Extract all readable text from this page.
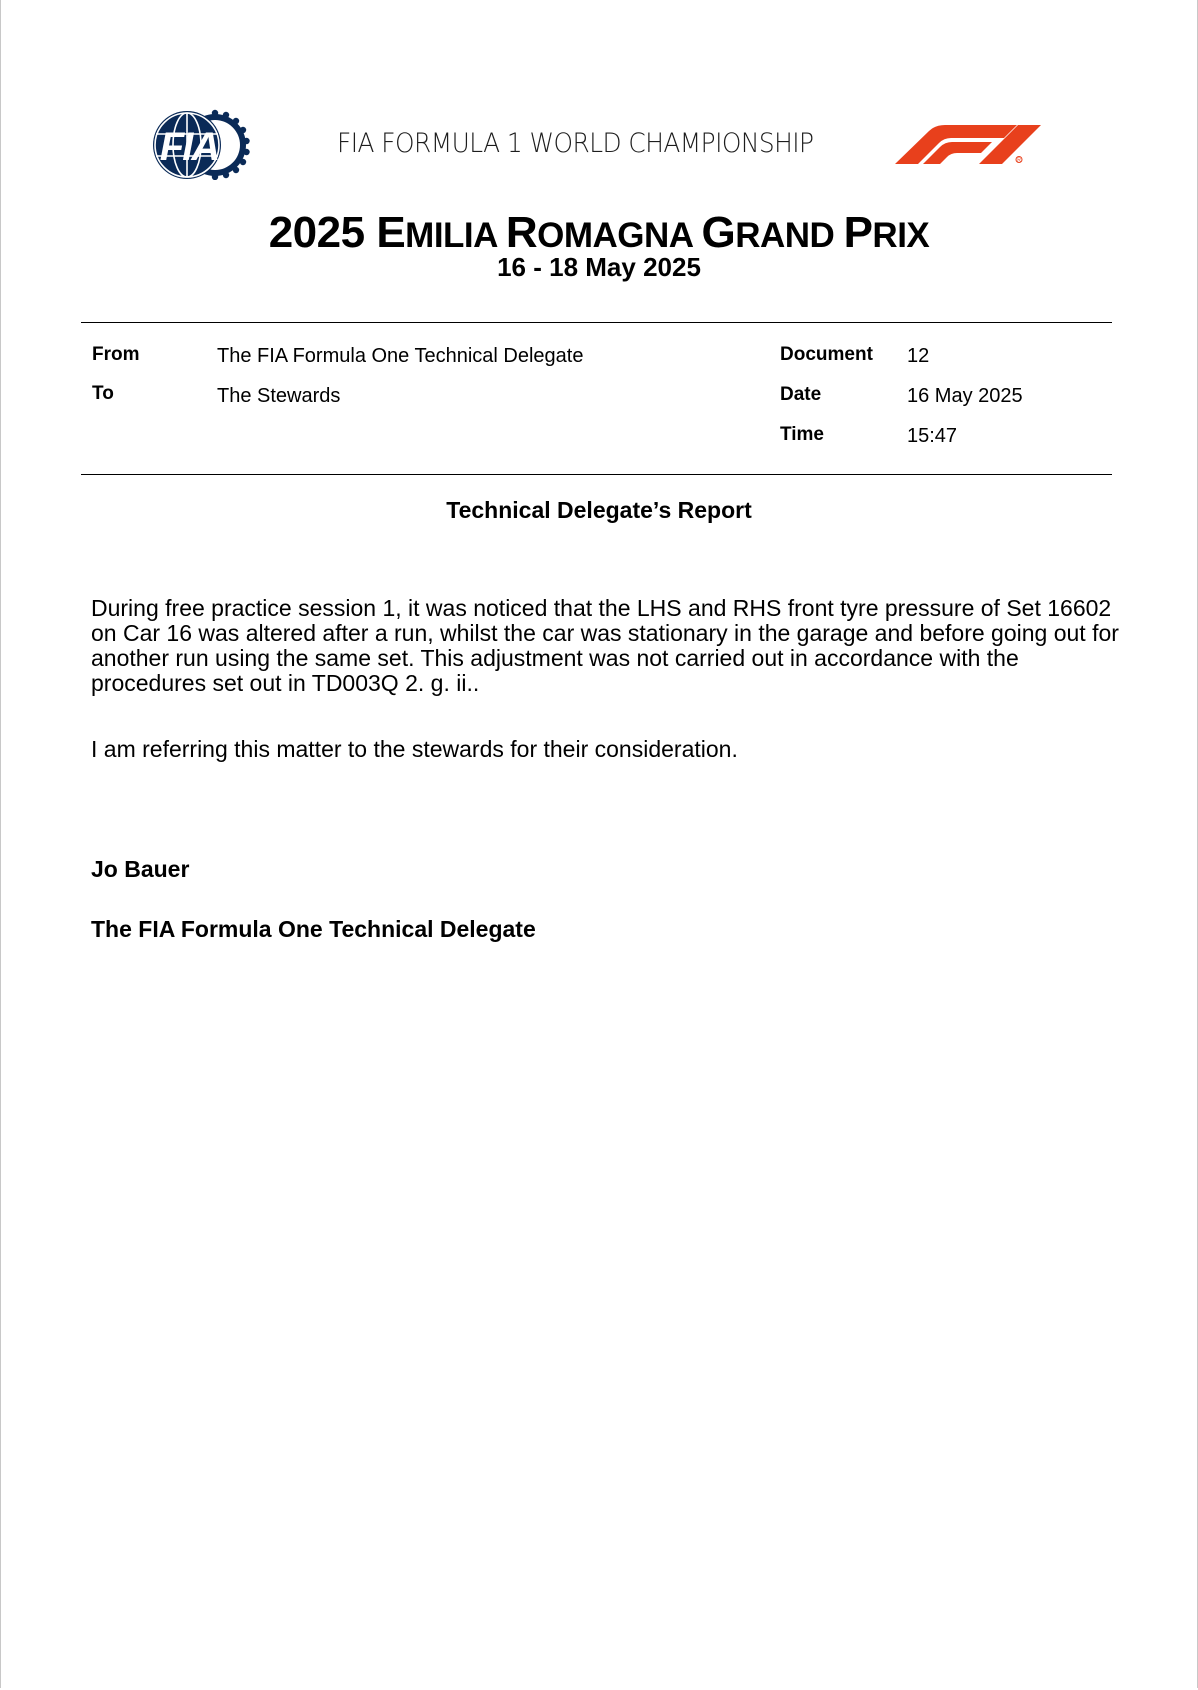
FIA	FIA FORMULA 1 WORLD CHAMPIONSHIP
R
2025 EMILIA ROMAGNA GRAND PRIX
16 - 18 May 2025
From	The FIA Formula One Technical Delegate
To	The Stewards
Document 12
Date	16 May 2025
Time	15:47
Technical Delegate’s Report

During free practice session 1, it was noticed that the LHS and RHS front tyre pressure of Set 16602 on Car 16 was altered after a run, whilst the car was stationary in the garage and before going out for another run using the same set. This adjustment was not carried out in accordance with the procedures set out in TD003Q 2. g. ii..

I am referring this matter to the stewards for their consideration.

Jo Bauer
The FIA Formula One Technical Delegate
